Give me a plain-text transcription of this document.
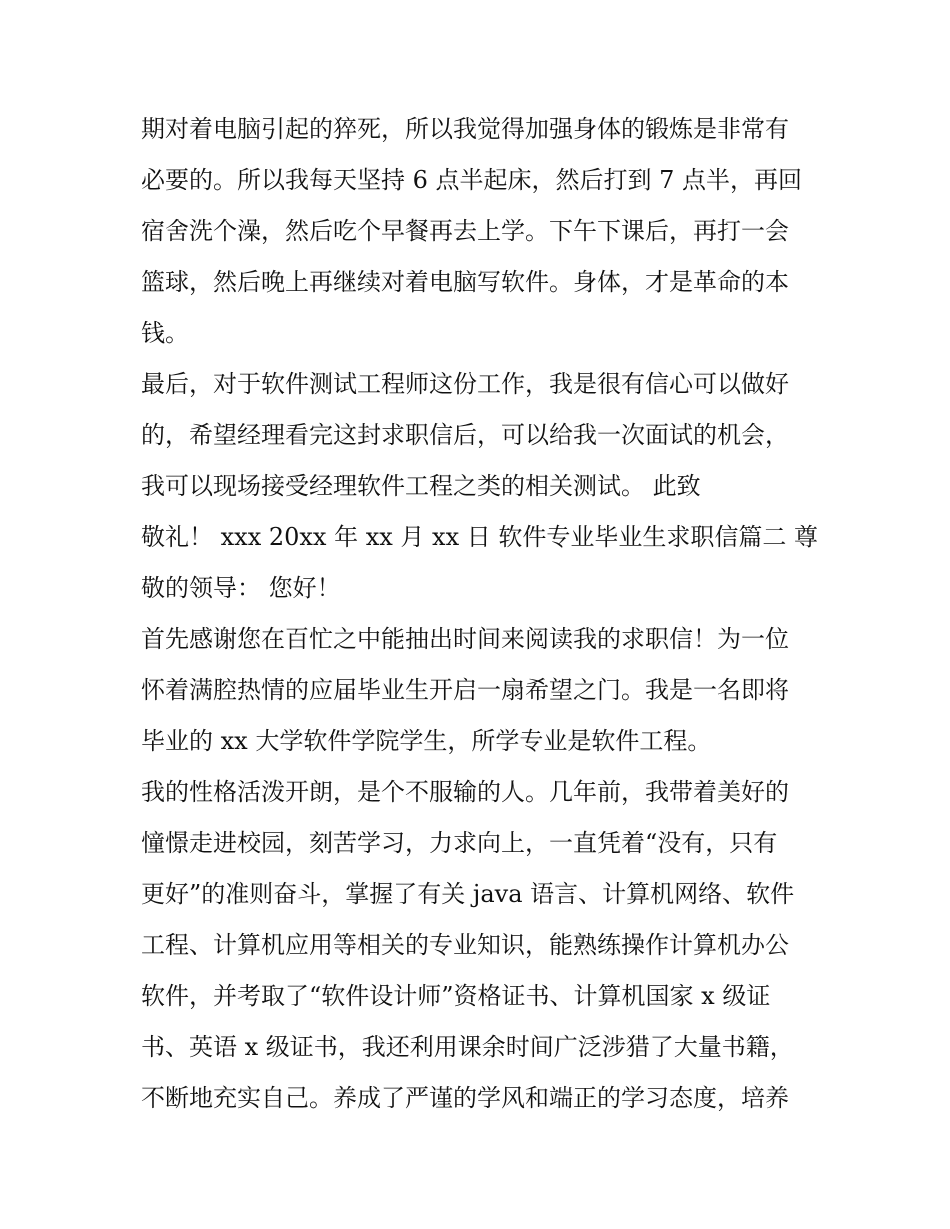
期对着电脑引起的猝死，所以我觉得加强身体的锻炼是非常有
必要的。所以我每天坚持 6 点半起床，然后打到 7 点半，再回
宿舍洗个澡，然后吃个早餐再去上学。下午下课后，再打一会
篮球，然后晚上再继续对着电脑写软件。身体，才是革命的本
钱。
最后，对于软件测试工程师这份工作，我是很有信心可以做好
的，希望经理看完这封求职信后，可以给我一次面试的机会，
我可以现场接受经理软件工程之类的相关测试。 此致
敬礼！ xxx 20xx 年 xx 月 xx 日 软件专业毕业生求职信篇二 尊
敬的领导： 您好！
首先感谢您在百忙之中能抽出时间来阅读我的求职信！为一位
怀着满腔热情的应届毕业生开启一扇希望之门。我是一名即将
毕业的 xx 大学软件学院学生，所学专业是软件工程。
我的性格活泼开朗，是个不服输的人。几年前，我带着美好的
憧憬走进校园，刻苦学习，力求向上，一直凭着“没有，只有
更好”的准则奋斗，掌握了有关 java 语言、计算机网络、软件
工程、计算机应用等相关的专业知识，能熟练操作计算机办公
软件，并考取了“软件设计师”资格证书、计算机国家 x 级证
书、英语 x 级证书，我还利用课余时间广泛涉猎了大量书籍，
不断地充实自己。养成了严谨的学风和端正的学习态度，培养
